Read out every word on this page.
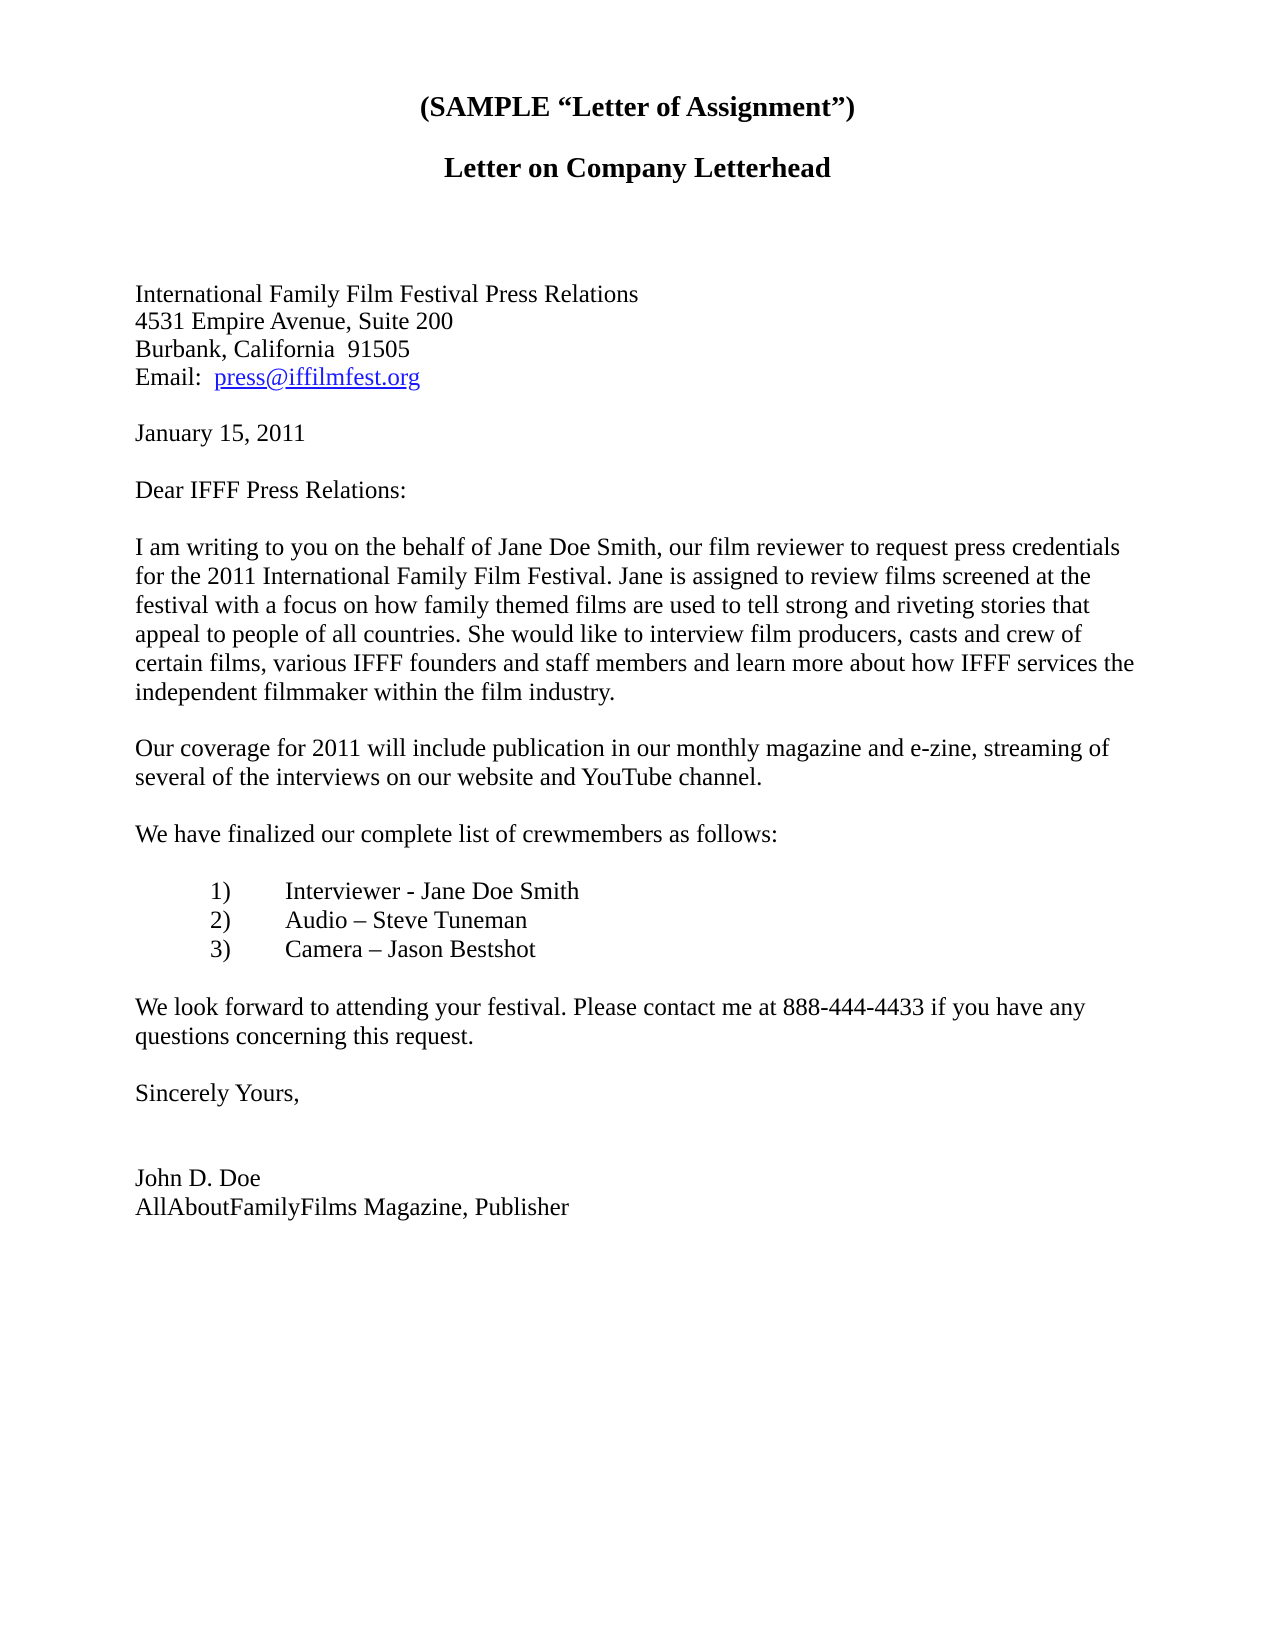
(SAMPLE “Letter of Assignment”)
Letter on Company Letterhead
International Family Film Festival Press Relations
4531 Empire Avenue, Suite 200
Burbank, California  91505
Email: press@iffilmfest.org
January 15, 2011
Dear IFFF Press Relations:
I am writing to you on the behalf of Jane Doe Smith, our film reviewer to request press credentials for the 2011 International Family Film Festival. Jane is assigned to review films screened at the festival with a focus on how family themed films are used to tell strong and riveting stories that appeal to people of all countries. She would like to interview film producers, casts and crew of certain films, various IFFF founders and staff members and learn more about how IFFF services the independent filmmaker within the film industry.
Our coverage for 2011 will include publication in our monthly magazine and e-zine, streaming of several of the interviews on our website and YouTube channel.
We have finalized our complete list of crewmembers as follows:
1) Interviewer - Jane Doe Smith
2) Audio – Steve Tuneman
3) Camera – Jason Bestshot
We look forward to attending your festival. Please contact me at 888-444-4433 if you have any questions concerning this request.
Sincerely Yours,
John D. Doe
AllAboutFamilyFilms Magazine, Publisher
